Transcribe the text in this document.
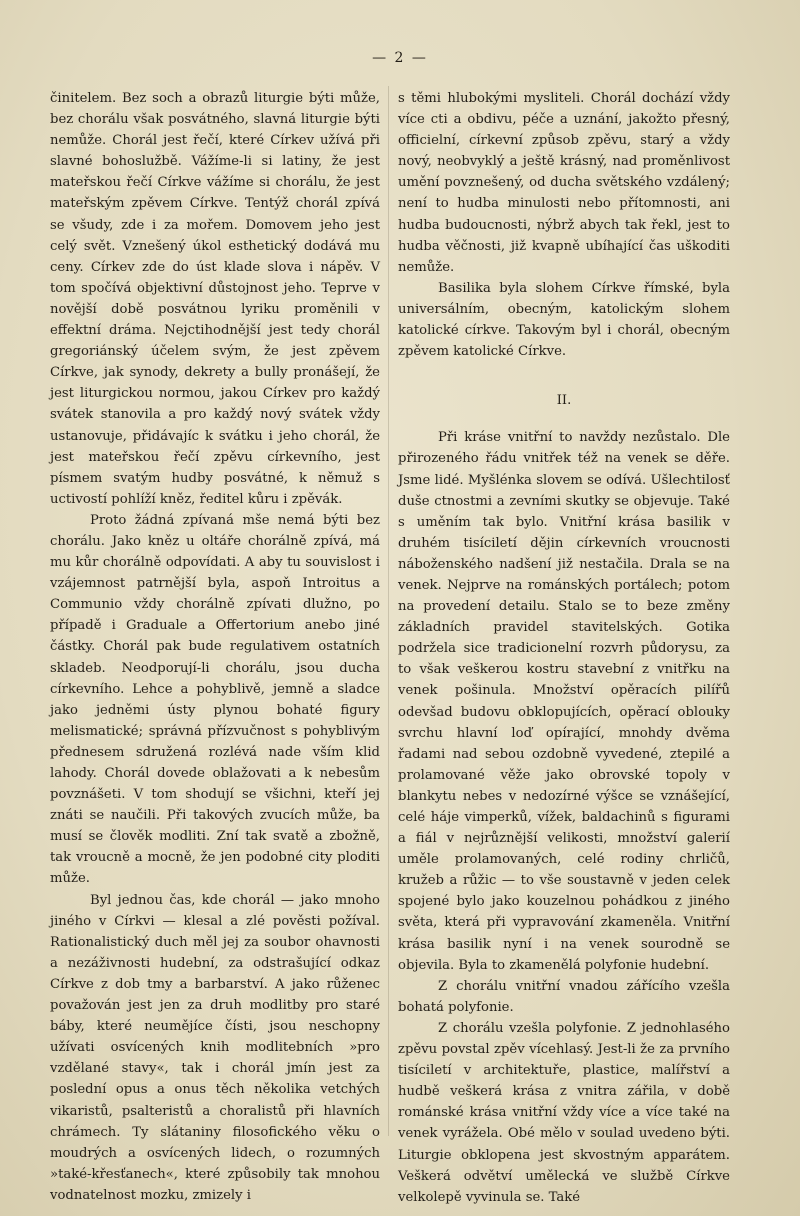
— 2 —

činitelem. Bez soch a obrazů liturgie býti může, bez chorálu však posvátného, slavná liturgie býti nemůže. Chorál jest řečí, které Církev užívá při slavné bohoslužbě. Vážíme-li si latiny, že jest mateřskou řečí Církve vážíme si chorálu, že jest mateřským zpěvem Církve. Tentýž chorál zpívá se všudy, zde i za mořem. Domovem jeho jest celý svět. Vznešený úkol esthetický dodává mu ceny. Církev zde do úst klade slova i nápěv. V tom spočívá objektivní důstojnost jeho. Teprve v novější době posvátnou lyriku proměnili v effektní dráma. Nejctihodnější jest tedy chorál gregoriánský účelem svým, že jest zpěvem Církve, jak synody, dekrety a bully pronášejí, že jest liturgickou normou, jakou Církev pro každý svátek stanovila a pro každý nový svátek vždy ustanovuje, přidávajíc k svátku i jeho chorál, že jest mateřskou řečí zpěvu církevního, jest písmem svatým hudby posvátné, k němuž s uctivostí pohlíží kněz, ředitel kůru i zpěvák.

Proto žádná zpívaná mše nemá býti bez chorálu. Jako kněz u oltáře chorálně zpívá, má mu kůr chorálně odpovídati. A aby tu souvislost i vzájemnost patrnější byla, aspoň Introitus a Communio vždy chorálně zpívati dlužno, po případě i Graduale a Offertorium anebo jiné částky. Chorál pak bude regulativem ostatních skladeb. Neodporují-li chorálu, jsou ducha církevního. Lehce a pohyblivě, jemně a sladce jako jedněmi ústy plynou bohaté figury melismatické; správná přízvučnost s pohyblivým přednesem sdružená rozlévá nade vším klid lahody. Chorál dovede oblažovati a k nebesům povznášeti. V tom shodují se všichni, kteří jej znáti se naučili. Při takových zvucích může, ba musí se člověk modliti. Zní tak svatě a zbožně, tak vroucně a mocně, že jen podobné city ploditi může.

Byl jednou čas, kde chorál — jako mnoho jiného v Církvi — klesal a zlé pověsti požíval. Rationalistický duch měl jej za soubor ohavnosti a nezáživnosti hudební, za odstrašující odkaz Církve z dob tmy a barbarství. A jako růženec považován jest jen za druh modlitby pro staré báby, které neumějíce čísti, jsou neschopny užívati osvícených knih modlitebních »pro vzdělané stavy«, tak i chorál jmín jest za poslední opus a onus těch několika vetchých vikaristů, psalteristů a choralistů při hlavních chrámech. Ty slátaniny filosofického věku o moudrých a osvícených lidech, o rozumných »také-křesťanech«, které způsobily tak mnohou vodnatelnost mozku, zmizely i

s těmi hlubokými mysliteli. Chorál dochází vždy více cti a obdivu, péče a uznání, jakožto přesný, officielní, církevní způsob zpěvu, starý a vždy nový, neobvyklý a ještě krásný, nad proměnlivost umění povznešený, od ducha světského vzdálený; není to hudba minulosti nebo přítomnosti, ani hudba budoucnosti, nýbrž abych tak řekl, jest to hudba věčnosti, již kvapně ubíhající čas uškoditi nemůže.

Basilika byla slohem Církve římské, byla universálním, obecným, katolickým slohem katolické církve. Takovým byl i chorál, obecným zpěvem katolické Církve.

II.

Při kráse vnitřní to navždy nezůstalo. Dle přirozeného řádu vnitřek též na venek se děře. Jsme lidé. Myšlénka slovem se odívá. Ušlechtilosť duše ctnostmi a zevními skutky se objevuje. Také s uměním tak bylo. Vnitřní krása basilik v druhém tisíciletí dějin církevních vroucnosti náboženského nadšení již nestačila. Drala se na venek. Nejprve na románských portálech; potom na provedení detailu. Stalo se to beze změny základních pravidel stavitelských. Gotika podržela sice tradicionelní rozvrh půdorysu, za to však veškerou kostru stavební z vnitřku na venek pošinula. Množství opěracích pilířů odevšad budovu obklopujících, opěrací oblouky svrchu hlavní loď opírající, mnohdy dvěma řadami nad sebou ozdobně vyvedené, ztepilé a prolamované věže jako obrovské topoly v blankytu nebes v nedozírné výšce se vznášející, celé háje vimperků, vížek, baldachinů s figurami a fiál v nejrůznější velikosti, množství galerií uměle prolamovaných, celé rodiny chrličů, kružeb a růžic — to vše soustavně v jeden celek spojené bylo jako kouzelnou pohádkou z jiného světa, která při vypravování zkameněla. Vnitřní krása basilik nyní i na venek sourodně se objevila. Byla to zkamenělá polyfonie hudební.

Z chorálu vnitřní vnadou zářícího vzešla bohatá polyfonie.

Z chorálu vzešla polyfonie. Z jednohlasého zpěvu povstal zpěv vícehlasý. Jest-li že za prvního tisíciletí v architektuře, plastice, malířství a hudbě veškerá krása z vnitra zářila, v době románské krása vnitřní vždy více a více také na venek vyrážela. Obé mělo v soulad uvedeno býti. Liturgie obklopena jest skvostným apparátem. Veškerá odvětví umělecká ve službě Církve velkolepě vyvinula se. Také
